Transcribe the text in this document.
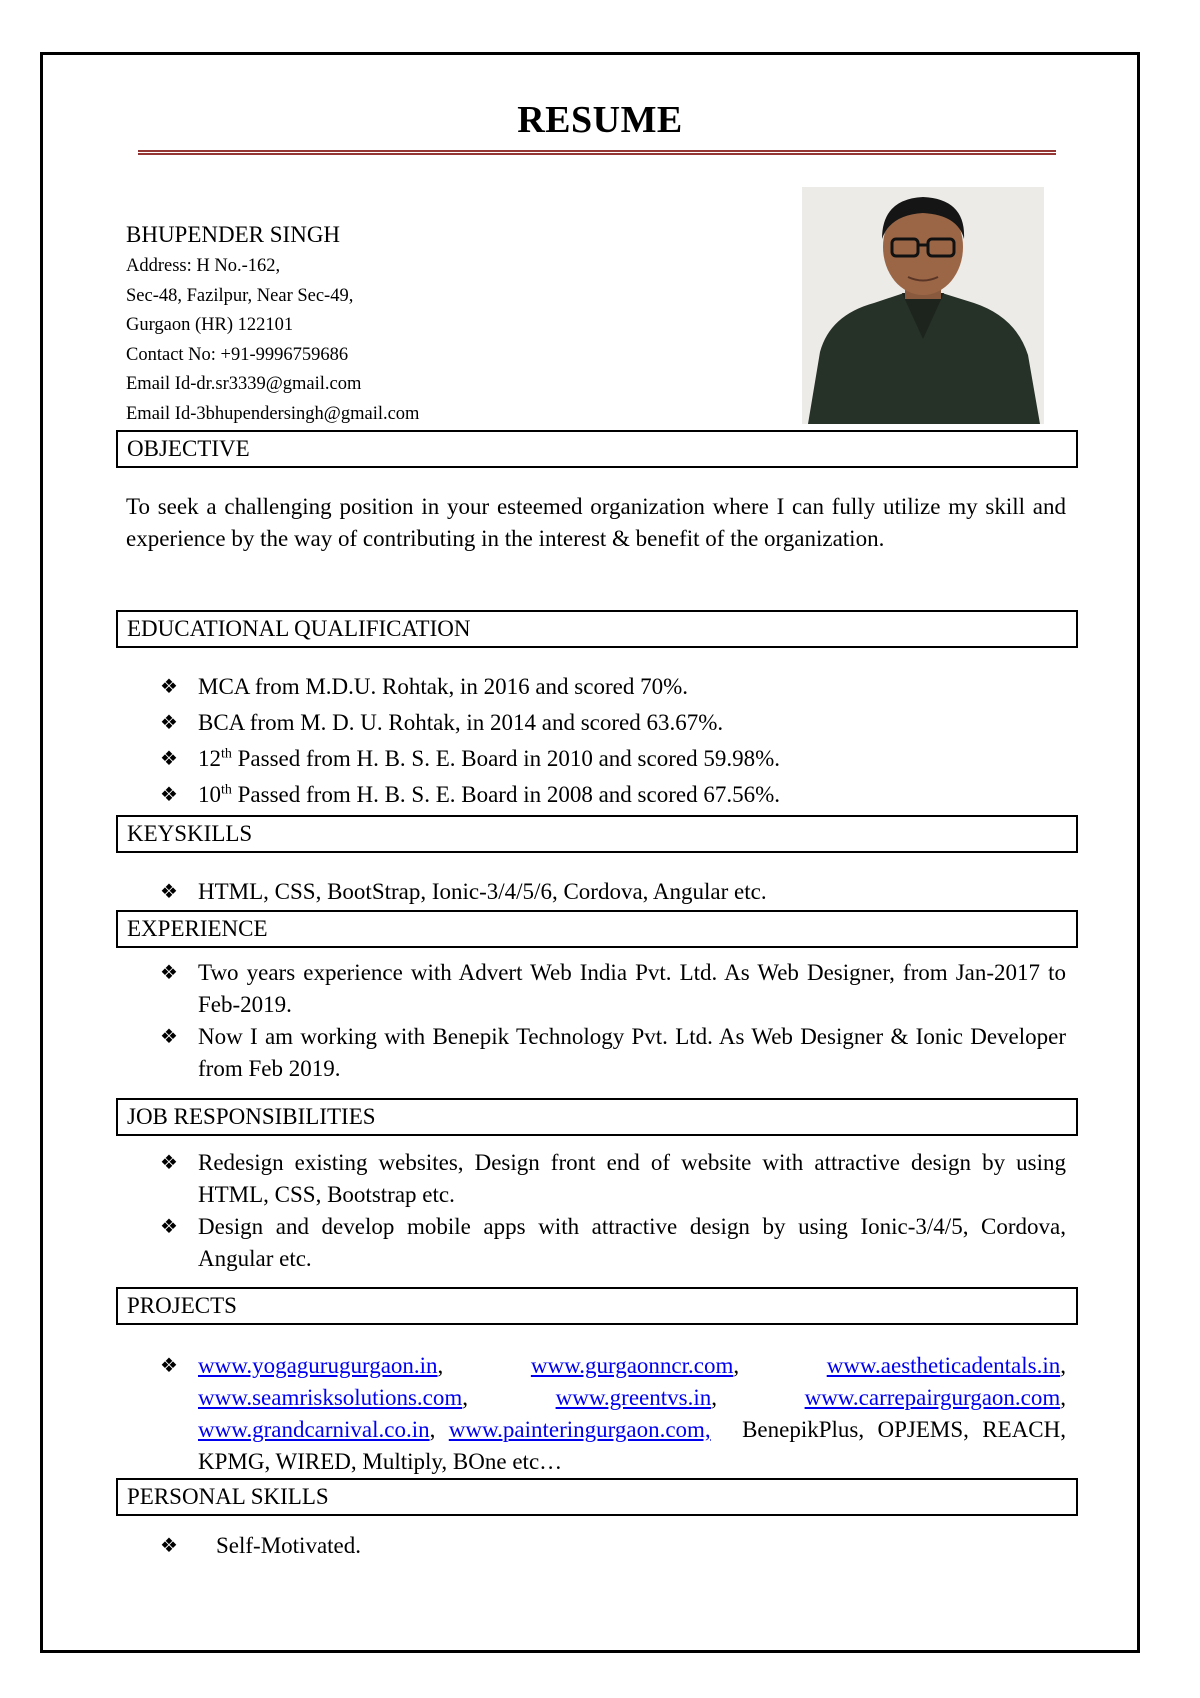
RESUME
BHUPENDER SINGH
Address: H No.-162,
Sec-48, Fazilpur, Near Sec-49,
Gurgaon (HR) 122101
Contact No: +91-9996759686
Email Id-dr.sr3339@gmail.com
Email Id-3bhupendersingh@gmail.com
OBJECTIVE
To seek a challenging position in your esteemed organization where I can fully utilize my skill and experience by the way of contributing in the interest & benefit of the organization.
EDUCATIONAL QUALIFICATION
❖ MCA from M.D.U. Rohtak, in 2016 and scored 70%.
❖ BCA from M. D. U. Rohtak, in 2014 and scored 63.67%.
❖ 12th Passed from H. B. S. E. Board in 2010 and scored 59.98%.
❖ 10th Passed from H. B. S. E. Board in 2008 and scored 67.56%.
KEYSKILLS
❖ HTML, CSS, BootStrap, Ionic-3/4/5/6, Cordova, Angular etc.
EXPERIENCE
❖ Two years experience with Advert Web India Pvt. Ltd. As Web Designer, from Jan-2017 to Feb-2019.
❖ Now I am working with Benepik Technology Pvt. Ltd. As Web Designer & Ionic Developer from Feb 2019.
JOB RESPONSIBILITIES
❖ Redesign existing websites, Design front end of website with attractive design by using HTML, CSS, Bootstrap etc.
❖ Design and develop mobile apps with attractive design by using Ionic-3/4/5, Cordova, Angular etc.
PROJECTS
❖ www.yogagurugurgaon.in,	www.gurgaonncr.com,	www.aestheticadentals.in, www.seamrisksolutions.com,	www.greentvs.in,	www.carrepairgurgaon.com, www.grandcarnival.co.in, www.painteringurgaon.com, BenepikPlus, OPJEMS, REACH, KPMG, WIRED, Multiply, BOne etc…
PERSONAL SKILLS
❖ Self-Motivated.
